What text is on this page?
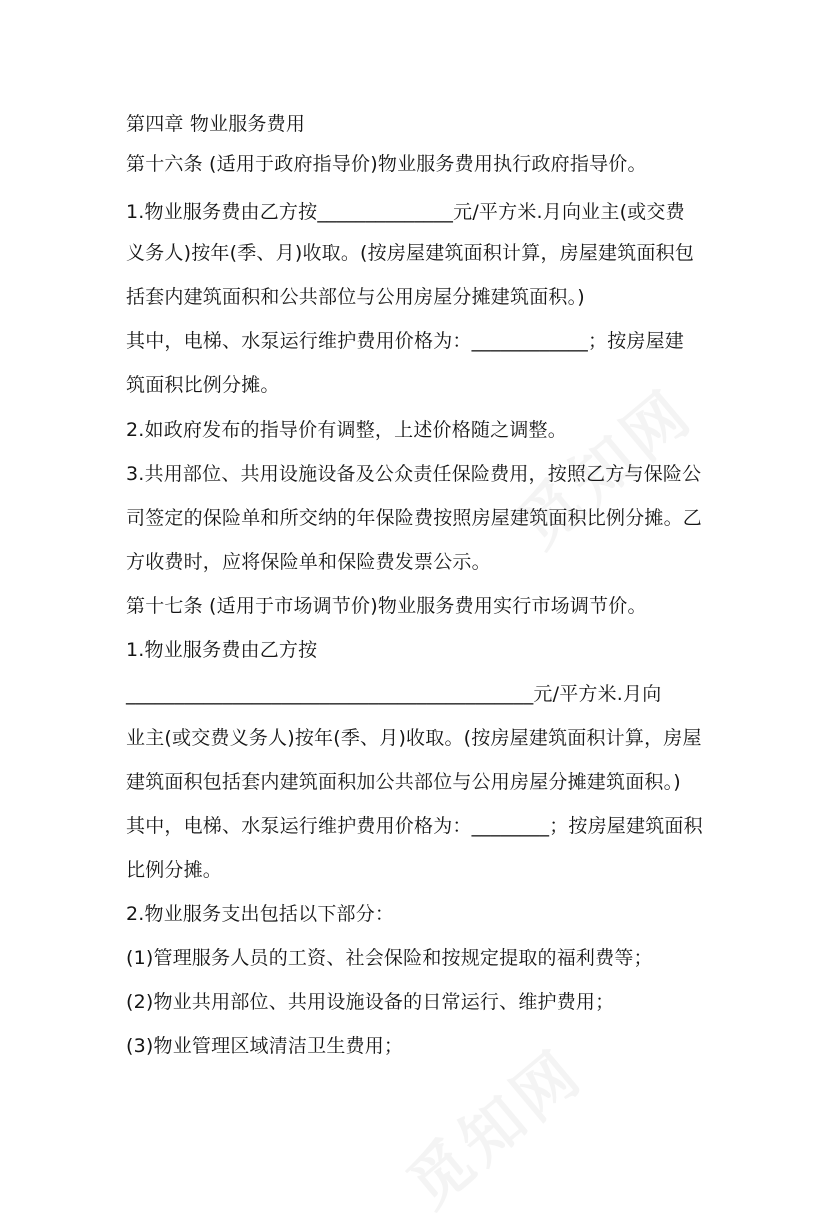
第四章 物业服务费用
第十六条 (适用于政府指导价)物业服务费用执行政府指导价。
1.物业服务费由乙方按______________元/平方米.月向业主(或交费
义务人)按年(季、月)收取。(按房屋建筑面积计算，房屋建筑面积包
括套内建筑面积和公共部位与公用房屋分摊建筑面积。)
其中，电梯、水泵运行维护费用价格为：____________；按房屋建
筑面积比例分摊。
2.如政府发布的指导价有调整，上述价格随之调整。
3.共用部位、共用设施设备及公众责任保险费用，按照乙方与保险公
司签定的保险单和所交纳的年保险费按照房屋建筑面积比例分摊。乙
方收费时，应将保险单和保险费发票公示。
第十七条 (适用于市场调节价)物业服务费用实行市场调节价。
1.物业服务费由乙方按
__________________________________________元/平方米.月向
业主(或交费义务人)按年(季、月)收取。(按房屋建筑面积计算，房屋
建筑面积包括套内建筑面积加公共部位与公用房屋分摊建筑面积。)
其中，电梯、水泵运行维护费用价格为：________；按房屋建筑面积
比例分摊。
2.物业服务支出包括以下部分：
(1)管理服务人员的工资、社会保险和按规定提取的福利费等；
(2)物业共用部位、共用设施设备的日常运行、维护费用；
(3)物业管理区域清洁卫生费用；
